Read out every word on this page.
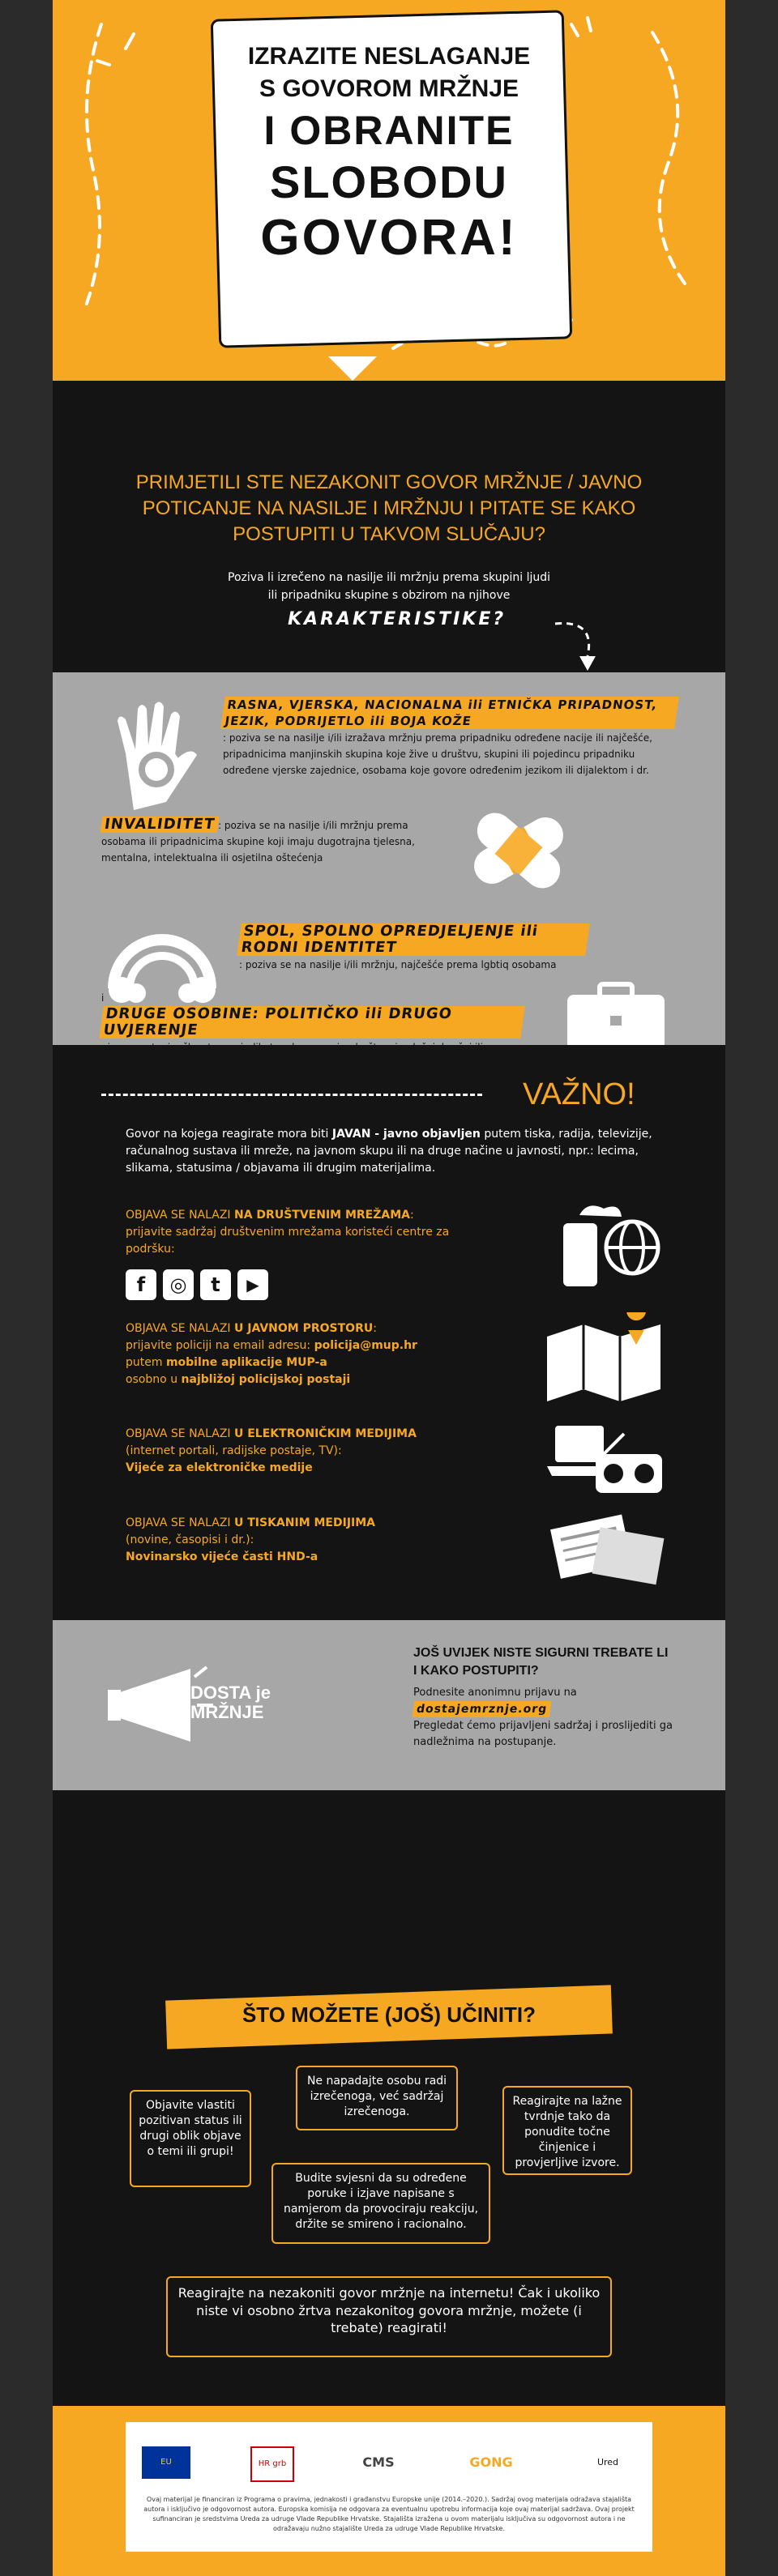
IZRAZITE NESLAGANJE
S GOVOROM MRŽNJE
I OBRANITE
SLOBODU
GOVORA!
PRIMJETILI STE NEZAKONIT GOVOR MRŽNJE / JAVNO POTICANJE NA NASILJE I MRŽNJU I PITATE SE KAKO POSTUPITI U TAKVOM SLUČAJU?
Poziva li izrečeno na nasilje ili mržnju prema skupini ljudi ili pripadniku skupine s obzirom na njihove
KARAKTERISTIKE?
RASNA, VJERSKA, NACIONALNA ili ETNIČKA PRIPADNOST, JEZIK, PODRIJETLO ili BOJA KOŽE: poziva se na nasilje i/ili izražava mržnju prema pripadniku određene nacije ili najčešće, pripadnicima manjinskih skupina koje žive u društvu, skupini ili pojedincu pripadniku određene vjerske zajednice, osobama koje govore određenim jezikom ili dijalektom i dr.
INVALIDITET : poziva se na nasilje i/ili mržnju prema osobama ili pripadnicima skupine koji imaju dugotrajna tjelesna, mentalna, intelektualna ili osjetilna oštećenja
SPOL, SPOLNO OPREDJELJENJE ili RODNI IDENTITET: poziva se na nasilje i/ili mržnju, najčešće prema lgbtiq osobama
i DRUGE OSOBINE: POLITIČKO ili DRUGO UVJERENJE
VAŽNO!
Govor na kojega reagirate mora biti JAVAN - javno objavljen putem tiska, radija, televizije, računalnog sustava ili mreže, na javnom skupu ili na druge načine u javnosti, npr.: lecima, slikama, statusima / objavama ili drugim materijalima.
OBJAVA SE NALAZI NA DRUŠTVENIM MREŽAMA:
prijavite sadržaj društvenim mrežama koristeći centre za podršku:
f	◎	t	▶
OBJAVA SE NALAZI U JAVNOM PROSTORU:
prijavite policiji na email adresu: policija@mup.hr
putem mobilne aplikacije MUP-a
osobno u najbližoj policijskoj postaji
OBJAVA SE NALAZI U ELEKTRONIČKIM MEDIJIMA
(internet portali, radijske postaje, TV):
Vijeće za elektroničke medije
OBJAVA SE NALAZI U TISKANIM MEDIJIMA
(novine, časopisi i dr.):
Novinarsko vijeće časti HND-a
DOSTA je
MRŽNJE
JOŠ UVIJEK NISTE SIGURNI TREBATE LI I KAKO POSTUPITI?
Podnesite anonimnu prijavu na
dostajemrznje.org
Pregledat ćemo prijavljeni sadržaj i proslijediti ga nadležnima na postupanje.
ŠTO MOŽETE (JOŠ) UČINITI?
Objavite vlastiti pozitivan status ili drugi oblik objave o temi ili grupi!
Ne napadajte osobu radi izrečenoga, već sadržaj izrečenoga.
Reagirajte na lažne tvrdnje tako da ponudite točne činjenice i provjerljive izvore.
Budite svjesni da su određene poruke i izjave napisane s namjerom da provociraju reakciju, držite se smireno i racionalno.
Reagirajte na nezakoniti govor mržnje na internetu! Čak i ukoliko niste vi osobno žrtva nezakonitog govora mržnje, možete (i trebate) reagirati!
EU	HR grb	CMS	GONG	Ured
Ovaj materijal je financiran iz Programa o pravima, jednakosti i građanstvu Europske unije (2014.–2020.). Sadržaj ovog materijala odražava stajališta autora i isključivo je odgovornost autora. Europska komisija ne odgovara za eventualnu upotrebu informacija koje ovaj materijal sadržava. Ovaj projekt sufinanciran je sredstvima Ureda za udruge Vlade Republike Hrvatske. Stajališta izražena u ovom materijalu isključiva su odgovornost autora i ne odražavaju nužno stajalište Ureda za udruge Vlade Republike Hrvatske.
